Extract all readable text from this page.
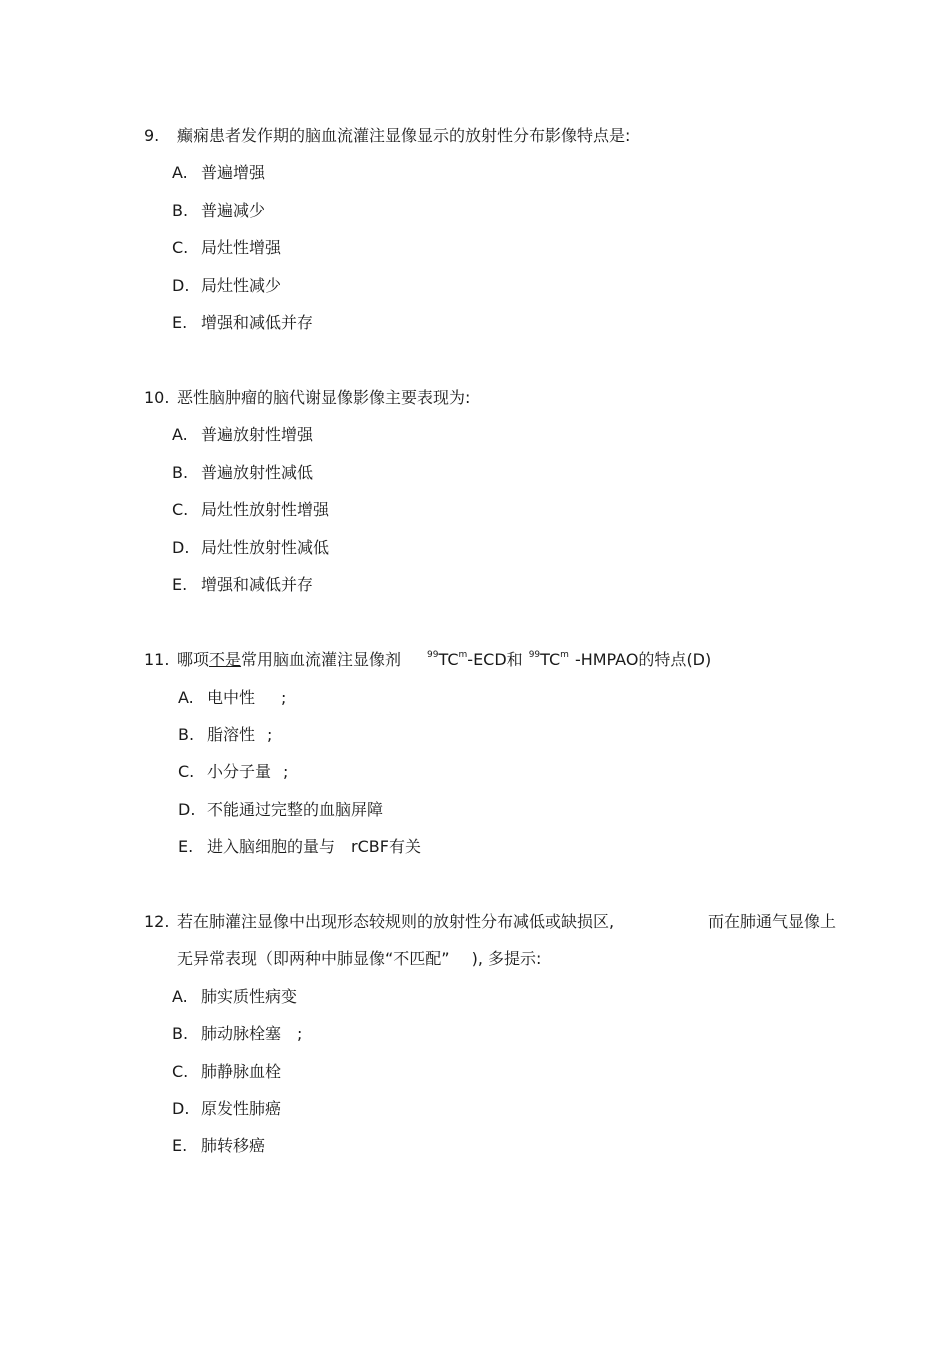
9. 癫痫患者发作期的脑血流灌注显像显示的放射性分布影像特点是:
A. 普遍增强
B. 普遍减少
C. 局灶性增强
D. 局灶性减少
E. 增强和减低并存
10. 恶性脑肿瘤的脑代谢显像影像主要表现为:
A. 普遍放射性增强
B. 普遍放射性减低
C. 局灶性放射性增强
D. 局灶性放射性减低
E. 增强和减低并存
11. 哪项不是常用脑血流灌注显像剂	$^{99}TC^m$-ECD和 $^{99}TC^m$ -HMPAO的特点(D)
A. 电中性 ;
B. 脂溶性 ;
C. 小分子量 ;
D. 不能通过完整的血脑屏障
E. 进入脑细胞的量与 rCBF有关
12. 若在肺灌注显像中出现形态较规则的放射性分布减低或缺损区,	而在肺通气显像上
无异常表现（即两种中肺显像“不匹配” ), 多提示:
A. 肺实质性病变
B. 肺动脉栓塞 ;
C. 肺静脉血栓
D. 原发性肺癌
E. 肺转移癌
